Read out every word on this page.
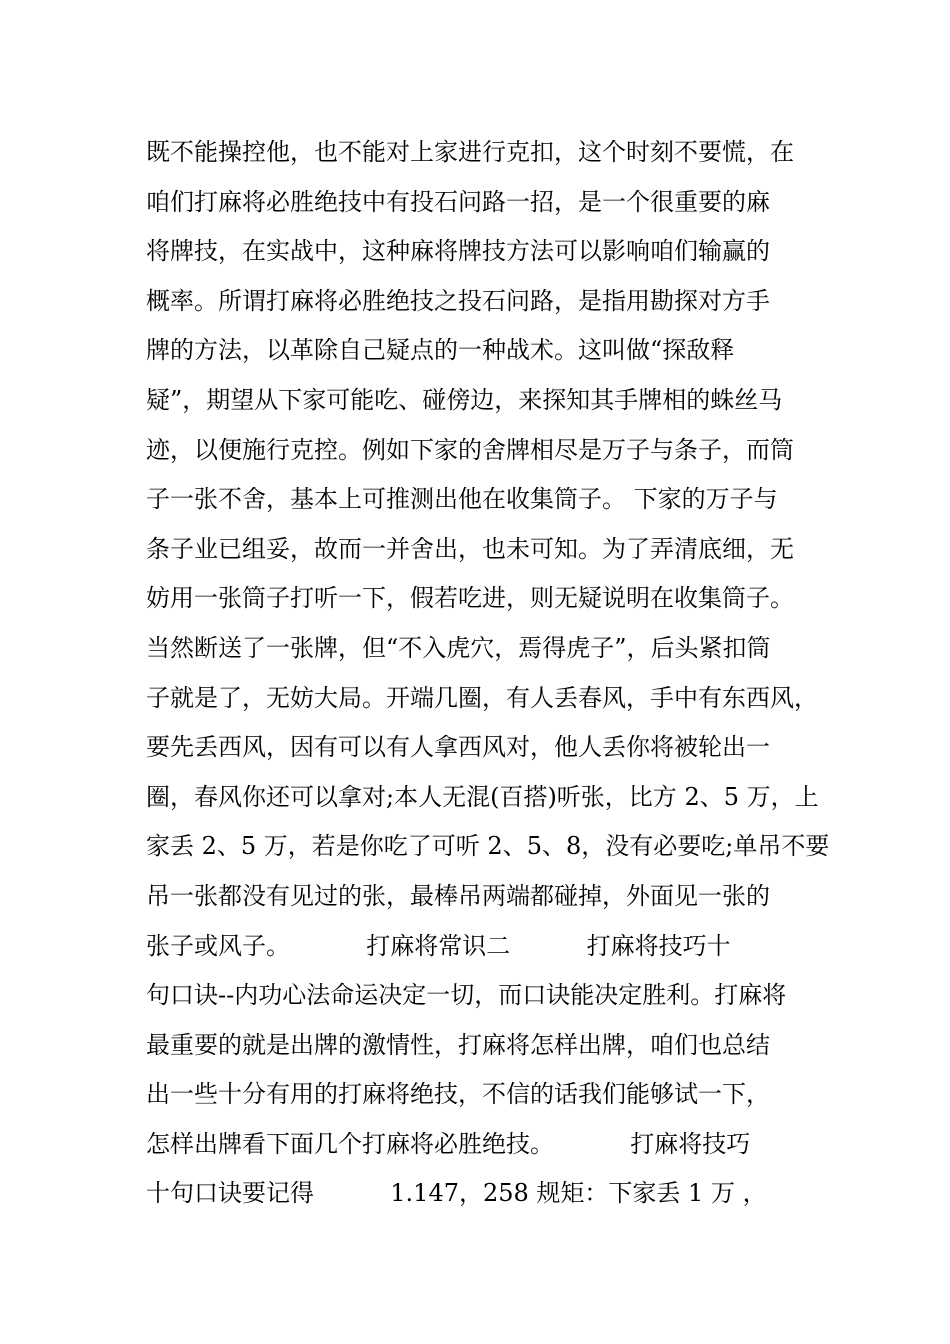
既不能操控他，也不能对上家进行克扣，这个时刻不要慌，在
咱们打麻将必胜绝技中有投石问路一招，是一个很重要的麻
将牌技，在实战中，这种麻将牌技方法可以影响咱们输赢的
概率。所谓打麻将必胜绝技之投石问路，是指用勘探对方手
牌的方法，以革除自己疑点的一种战术。这叫做“探敌释
疑”，期望从下家可能吃、碰傍边，来探知其手牌相的蛛丝马
迹，以便施行克控。例如下家的舍牌相尽是万子与条子，而筒
子一张不舍，基本上可推测出他在收集筒子。 下家的万子与
条子业已组妥，故而一并舍出，也未可知。为了弄清底细，无
妨用一张筒子打听一下，假若吃进，则无疑说明在收集筒子。
当然断送了一张牌，但“不入虎穴，焉得虎子”，后头紧扣筒
子就是了，无妨大局。开端几圈，有人丢春风，手中有东西风，
要先丢西风，因有可以有人拿西风对，他人丢你将被轮出一
圈，春风你还可以拿对;本人无混(百搭)听张，比方 2、5 万，上
家丢 2、5 万，若是你吃了可听 2、5、8，没有必要吃;单吊不要
吊一张都没有见过的张，最棒吊两端都碰掉，外面见一张的
张子或风子。          打麻将常识二          打麻将技巧十
句口诀--内功心法命运决定一切，而口诀能决定胜利。打麻将
最重要的就是出牌的激情性，打麻将怎样出牌，咱们也总结
出一些十分有用的打麻将绝技，不信的话我们能够试一下，
怎样出牌看下面几个打麻将必胜绝技。          打麻将技巧
十句口诀要记得          1.147，258 规矩：下家丢 1 万 ，
